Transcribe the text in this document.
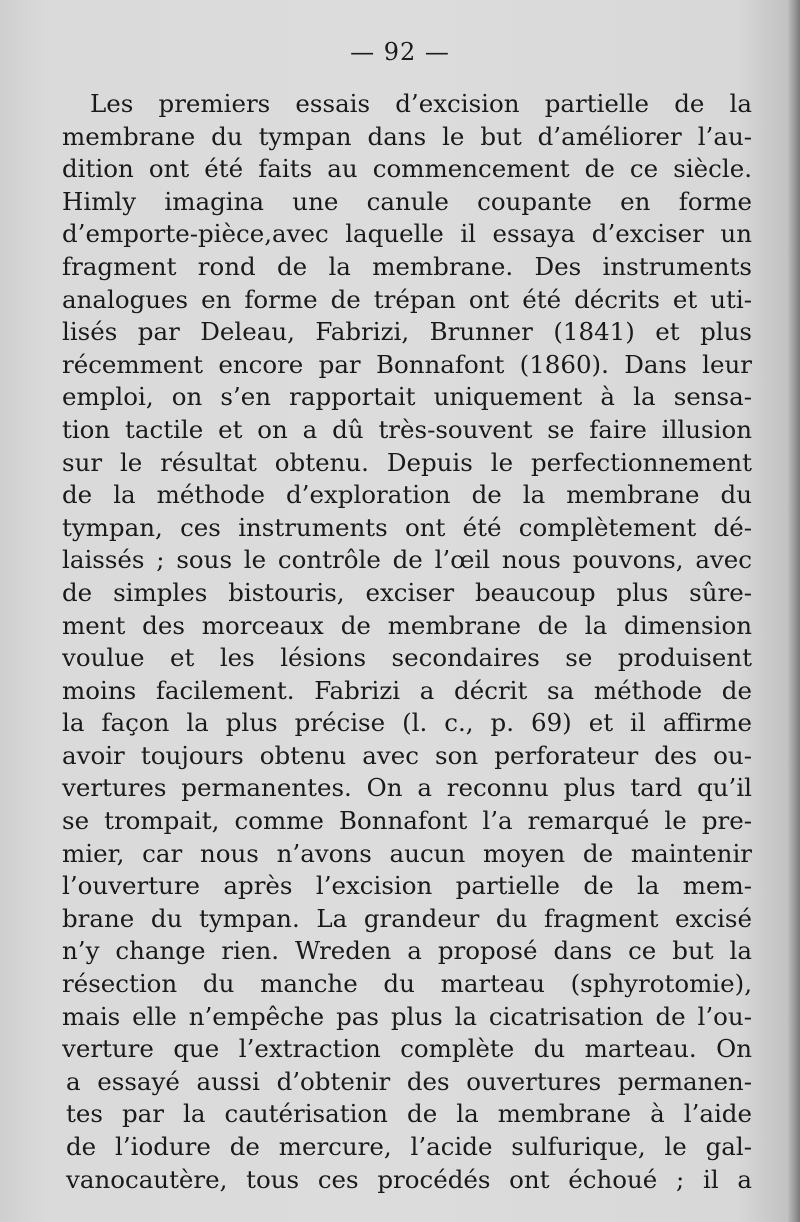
— 92 —
Les premiers essais d’excision partielle de la
membrane du tympan dans le but d’améliorer l’au-
dition ont été faits au commencement de ce siècle.
Himly imagina une canule coupante en forme
d’emporte-pièce,avec laquelle il essaya d’exciser un
fragment rond de la membrane. Des instruments
analogues en forme de trépan ont été décrits et uti-
lisés par Deleau, Fabrizi, Brunner (1841) et plus
récemment encore par Bonnafont (1860). Dans leur
emploi, on s’en rapportait uniquement à la sensa-
tion tactile et on a dû très-souvent se faire illusion
sur le résultat obtenu. Depuis le perfectionnement
de la méthode d’exploration de la membrane du
tympan, ces instruments ont été complètement dé-
laissés ; sous le contrôle de l’œil nous pouvons, avec
de simples bistouris, exciser beaucoup plus sûre-
ment des morceaux de membrane de la dimension
voulue et les lésions secondaires se produisent
moins facilement. Fabrizi a décrit sa méthode de
la façon la plus précise (l. c., p. 69) et il affirme
avoir toujours obtenu avec son perforateur des ou-
vertures permanentes. On a reconnu plus tard qu’il
se trompait, comme Bonnafont l’a remarqué le pre-
mier, car nous n’avons aucun moyen de maintenir
l’ouverture après l’excision partielle de la mem-
brane du tympan. La grandeur du fragment excisé
n’y change rien. Wreden a proposé dans ce but la
résection du manche du marteau (sphyrotomie),
mais elle n’empêche pas plus la cicatrisation de l’ou-
verture que l’extraction complète du marteau. On
a essayé aussi d’obtenir des ouvertures permanen-
tes par la cautérisation de la membrane à l’aide
de l’iodure de mercure, l’acide sulfurique, le gal-
vanocautère, tous ces procédés ont échoué ; il a
